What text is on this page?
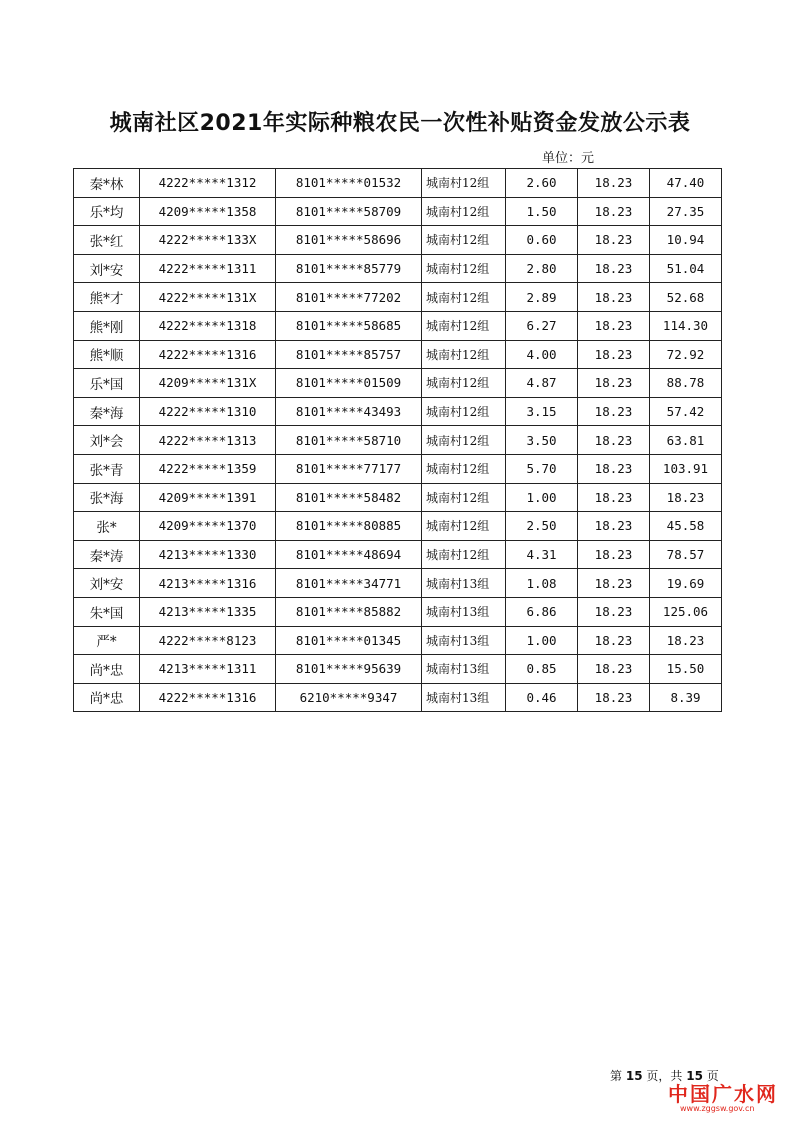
城南社区2021年实际种粮农民一次性补贴资金发放公示表
单位：元
秦*林	4222*****1312	8101*****01532	城南村12组	2.60	18.23	47.40
乐*均	4209*****1358	8101*****58709	城南村12组	1.50	18.23	27.35
张*红	4222*****133X	8101*****58696	城南村12组	0.60	18.23	10.94
刘*安	4222*****1311	8101*****85779	城南村12组	2.80	18.23	51.04
熊*才	4222*****131X	8101*****77202	城南村12组	2.89	18.23	52.68
熊*刚	4222*****1318	8101*****58685	城南村12组	6.27	18.23	114.30
熊*顺	4222*****1316	8101*****85757	城南村12组	4.00	18.23	72.92
乐*国	4209*****131X	8101*****01509	城南村12组	4.87	18.23	88.78
秦*海	4222*****1310	8101*****43493	城南村12组	3.15	18.23	57.42
刘*会	4222*****1313	8101*****58710	城南村12组	3.50	18.23	63.81
张*青	4222*****1359	8101*****77177	城南村12组	5.70	18.23	103.91
张*海	4209*****1391	8101*****58482	城南村12组	1.00	18.23	18.23
张*	4209*****1370	8101*****80885	城南村12组	2.50	18.23	45.58
秦*涛	4213*****1330	8101*****48694	城南村12组	4.31	18.23	78.57
刘*安	4213*****1316	8101*****34771	城南村13组	1.08	18.23	19.69
朱*国	4213*****1335	8101*****85882	城南村13组	6.86	18.23	125.06
严*	4222*****8123	8101*****01345	城南村13组	1.00	18.23	18.23
尚*忠	4213*****1311	8101*****95639	城南村13组	0.85	18.23	15.50
尚*忠	4222*****1316	6210*****9347	城南村13组	0.46	18.23	8.39
第 15 页，共 15 页
中国广水网
www.zggsw.gov.cn
